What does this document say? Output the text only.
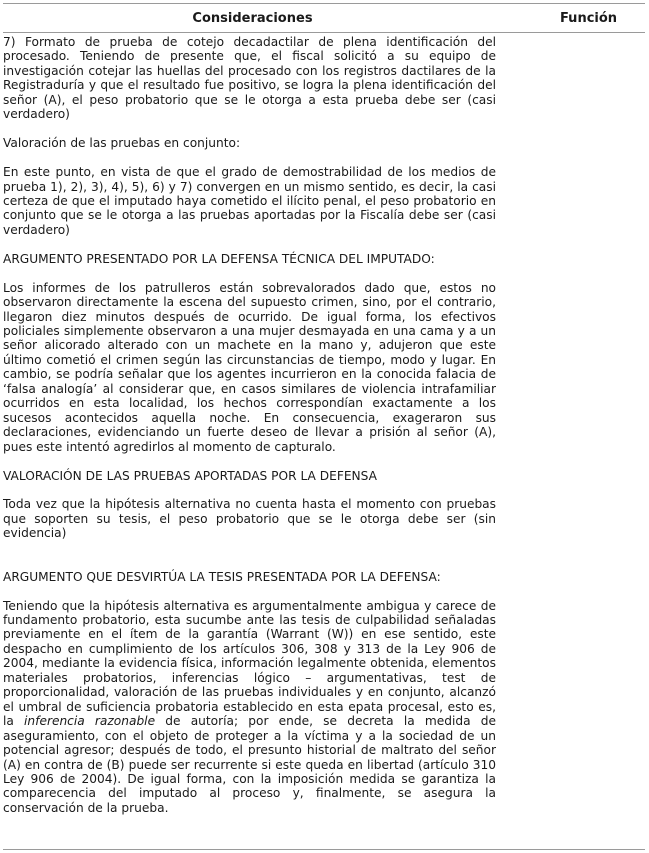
Consideraciones	Función

7) Formato de prueba de cotejo decadactilar de plena identificación del procesado. Teniendo de presente que, el fiscal solicitó a su equipo de investigación cotejar las huellas del procesado con los registros dactilares de la Registraduría y que el resultado fue positivo, se logra la plena identificación del señor (A), el peso probatorio que se le otorga a esta prueba debe ser (casi verdadero)

Valoración de las pruebas en conjunto:

En este punto, en vista de que el grado de demostrabilidad de los medios de prueba 1), 2), 3), 4), 5), 6) y 7) convergen en un mismo sentido, es decir, la casi certeza de que el imputado haya cometido el ilícito penal, el peso probatorio en conjunto que se le otorga a las pruebas aportadas por la Fiscalía debe ser (casi verdadero)

ARGUMENTO PRESENTADO POR LA DEFENSA TÉCNICA DEL IMPUTADO:

Los informes de los patrulleros están sobrevalorados dado que, estos no observaron directamente la escena del supuesto crimen, sino, por el contrario, llegaron diez minutos después de ocurrido. De igual forma, los efectivos policiales simplemente observaron a una mujer desmayada en una cama y a un señor alicorado alterado con un machete en la mano y, adujeron que este último cometió el crimen según las circunstancias de tiempo, modo y lugar. En cambio, se podría señalar que los agentes incurrieron en la conocida falacia de ‘falsa analogía’ al considerar que, en casos similares de violencia intrafamiliar ocurridos en esta localidad, los hechos correspondían exactamente a los sucesos acontecidos aquella noche. En consecuencia, exageraron sus declaraciones, evidenciando un fuerte deseo de llevar a prisión al señor (A), pues este intentó agredirlos al momento de capturalo.

VALORACIÓN DE LAS PRUEBAS APORTADAS POR LA DEFENSA

Toda vez que la hipótesis alternativa no cuenta hasta el momento con pruebas que soporten su tesis, el peso probatorio que se le otorga debe ser (sin evidencia)

ARGUMENTO QUE DESVIRTÚA LA TESIS PRESENTADA POR LA DEFENSA:

Teniendo que la hipótesis alternativa es argumentalmente ambigua y carece de fundamento probatorio, esta sucumbe ante las tesis de culpabilidad señaladas previamente en el ítem de la garantía (Warrant (W)) en ese sentido, este despacho en cumplimiento de los artículos 306, 308 y 313 de la Ley 906 de 2004, mediante la evidencia física, información legalmente obtenida, elementos materiales probatorios, inferencias lógico – argumentativas, test de proporcionalidad, valoración de las pruebas individuales y en conjunto, alcanzó el umbral de suficiencia probatoria establecido en esta epata procesal, esto es, la inferencia razonable de autoría; por ende, se decreta la medida de aseguramiento, con el objeto de proteger a la víctima y a la sociedad de un potencial agresor; después de todo, el presunto historial de maltrato del señor (A) en contra de (B) puede ser recurrente si este queda en libertad (artículo 310 Ley 906 de 2004). De igual forma, con la imposición medida se garantiza la comparecencia del imputado al proceso y, finalmente, se asegura la conservación de la prueba.
